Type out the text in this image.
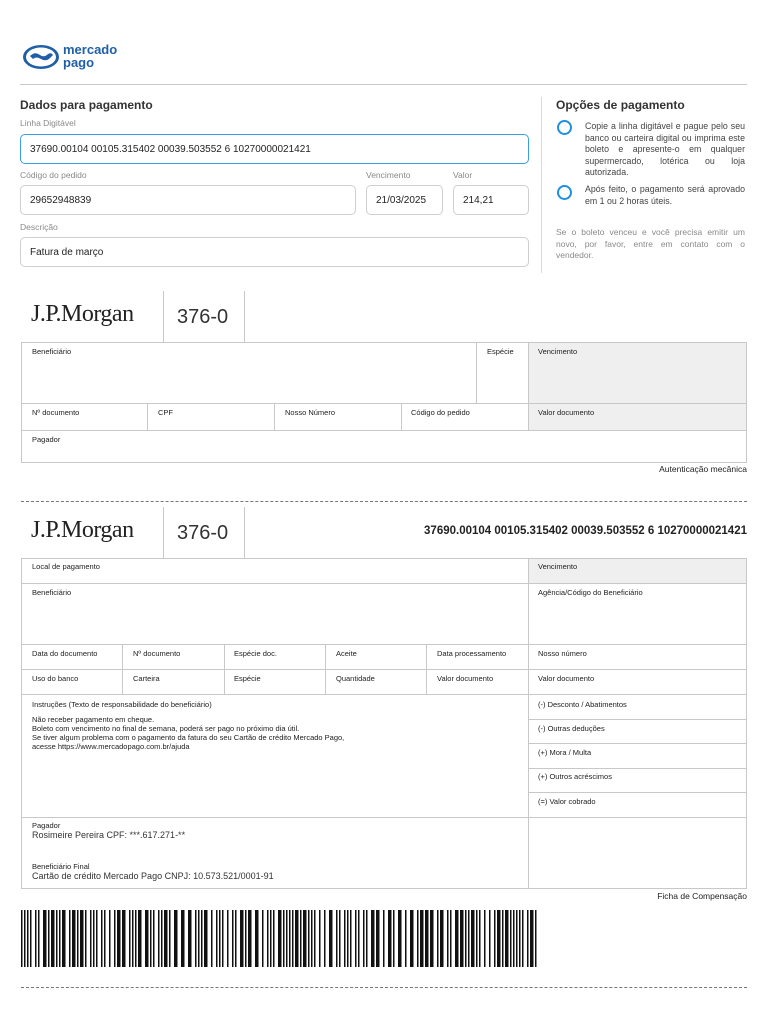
mercado
pago
Dados para pagamento
Linha Digitável
37690.00104 00105.315402 00039.503552 6 10270000021421
Código do pedido
29652948839
Vencimento
21/03/2025
Valor
214,21
Descrição
Fatura de março
Opções de pagamento
Copie a linha digitável e pague pelo seu banco ou carteira digital ou imprima este boleto e apresente-o em qualquer supermercado, lotérica ou loja autorizada.
Após feito, o pagamento será aprovado em 1 ou 2 horas úteis.
Se o boleto venceu e você precisa emitir um novo, por favor, entre em contato com o vendedor.
J.P.Morgan 376-0
Beneficiário	Espécie	Vencimento
Nº documento	CPF	Nosso Número	Código do pedido	Valor documento
Pagador
Autenticação mecânica
J.P.Morgan 376-0	37690.00104 00105.315402 00039.503552 6 10270000021421
Local de pagamento	Vencimento
Beneficiário	Agência/Código do Beneficiário
Data do documento	Nº documento	Espécie doc.	Aceite	Data processamento	Nosso número
Uso do banco	Carteira	Espécie	Quantidade	Valor documento	Valor documento
Instruções (Texto de responsabilidade do beneficiário)
Não receber pagamento em cheque.
Boleto com vencimento no final de semana, poderá ser pago no próximo dia útil.
Se tiver algum problema com o pagamento da fatura do seu Cartão de crédito Mercado Pago,
acesse https://www.mercadopago.com.br/ajuda
(-) Desconto / Abatimentos
(-) Outras deduções
(+) Mora / Multa
(+) Outros acréscimos
(=) Valor cobrado
Pagador
Rosimeire Pereira CPF: ***.617.271-**
Beneficiário Final
Cartão de crédito Mercado Pago CNPJ: 10.573.521/0001-91
Ficha de Compensação
